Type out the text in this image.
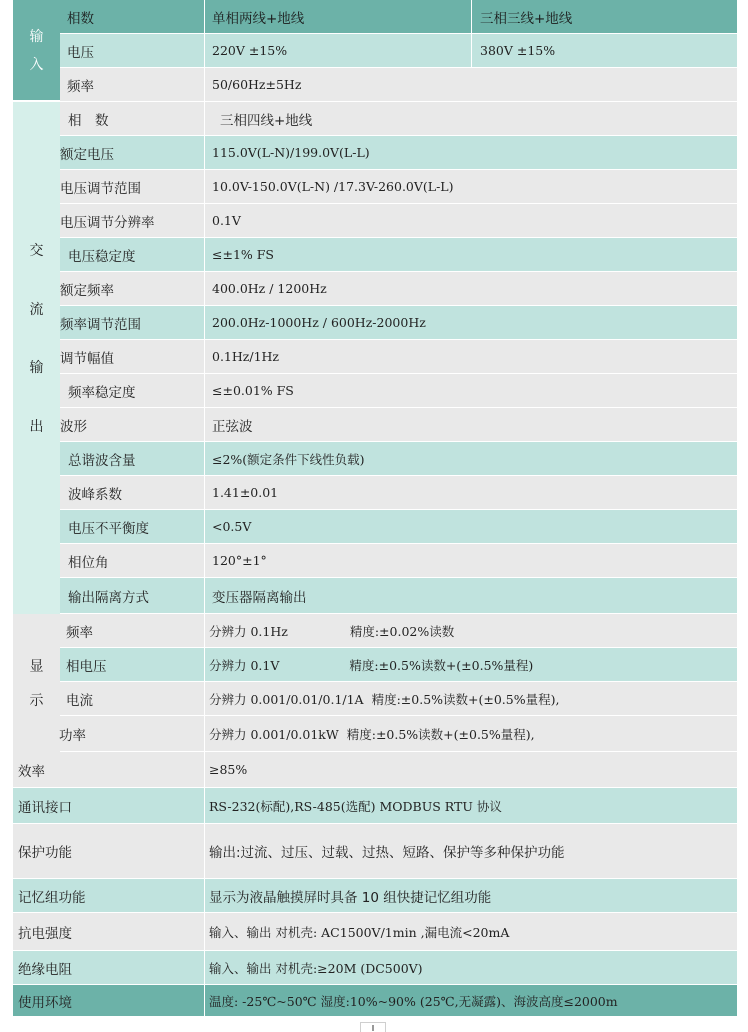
输
入
相数	单相两线+地线	三相三线+地线
电压	220V ±15%	380V ±15%
频率	50/60Hz±5Hz
交
流
输
出
相　数	三相四线+地线
额定电压	115.0V(L-N)/199.0V(L-L)
电压调节范围	10.0V-150.0V(L-N) /17.3V-260.0V(L-L)
电压调节分辨率	0.1V
电压稳定度	≤±1% FS
额定频率	400.0Hz / 1200Hz
频率调节范围	200.0Hz-1000Hz / 600Hz-2000Hz
调节幅值	0.1Hz/1Hz
频率稳定度	≤±0.01% FS
波形	正弦波
总谐波含量	≤2%(额定条件下线性负载)
波峰系数	1.41±0.01
电压不平衡度	<0.5V
相位角	120°±1°
输出隔离方式	变压器隔离输出
显
示
频率	分辨力 0.1Hz	精度:±0.02%读数
相电压	分辨力 0.1V	精度:±0.5%读数+(±0.5%量程)
电流	分辨力 0.001/0.01/0.1/1A 精度:±0.5%读数+(±0.5%量程),
功率	分辨力 0.001/0.01kW 精度:±0.5%读数+(±0.5%量程),
效率	≥85%
通讯接口	RS-232(标配),RS-485(选配) MODBUS RTU 协议
保护功能	输出:过流、过压、过载、过热、短路、保护等多种保护功能
记忆组功能	显示为液晶触摸屏时具备 10 组快捷记忆组功能
抗电强度	输入、输出 对机壳: AC1500V/1min ,漏电流<20mA
绝缘电阻	输入、输出 对机壳:≥20M (DC500V)
使用环境	温度: -25℃~50℃ 湿度:10%~90% (25℃,无凝露)、海波高度≤2000m
